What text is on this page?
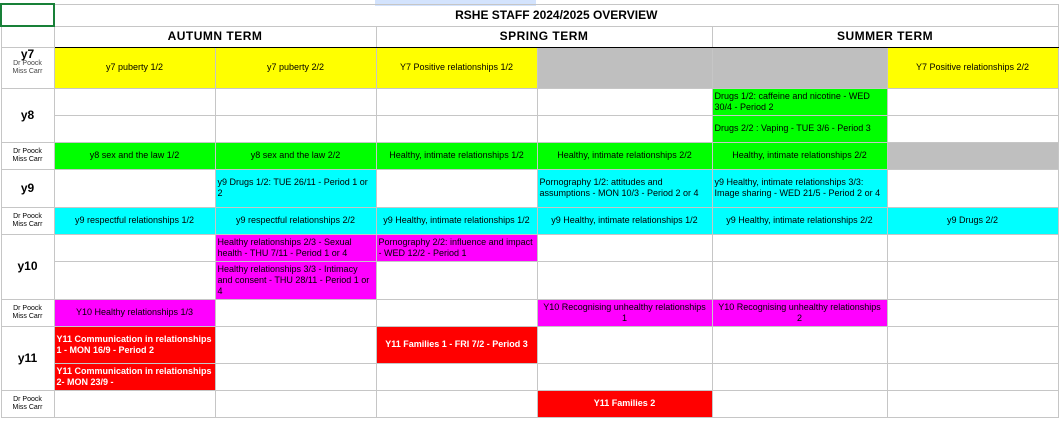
	RSHE STAFF 2024/2025 OVERVIEW					
	AUTUMN TERM		SPRING TERM		SUMMER TERM	

y7
Dr Poock
Miss Carr	y7 puberty 1/2	y7 puberty 2/2	Y7 Positive relationships 1/2			Y7 Positive relationships 2/2
y8					Drugs 1/2: caffeine and nicotine - WED 30/4 - Period 2	
					Drugs 2/2 : Vaping - TUE 3/6 - Period 3	

Dr Poock
Miss Carr	y8 sex and the law 1/2	y8 sex and the law 2/2	Healthy, intimate relationships 1/2	Healthy, intimate relationships 2/2	Healthy, intimate relationships 2/2	
y9		y9 Drugs 1/2: TUE 26/11 - Period 1 or 2		Pornography 1/2: attitudes and assumptions - MON 10/3 - Period 2 or 4	y9 Healthy, intimate relationships 3/3: Image sharing - WED 21/5 - Period 2 or 4	

Dr Poock
Miss Carr	y9 respectful relationships 1/2	y9 respectful relationships 2/2	y9 Healthy, intimate relationships 1/2	y9 Healthy, intimate relationships 1/2	y9 Healthy, intimate relationships 2/2	y9 Drugs 2/2
y10		Healthy relationships 2/3 - Sexual health - THU 7/11 - Period 1 or 4	Pornography 2/2: influence and impact - WED 12/2 - Period 1			
		Healthy relationships 3/3 - Intimacy and consent - THU 28/11 - Period 1 or 4				

Dr Poock
Miss Carr	Y10 Healthy relationships 1/3			Y10 Recognising unhealthy relationships 1	Y10 Recognising unhealthy relationships 2	
y11	Y11 Communication in relationships 1 - MON 16/9 - Period 2		Y11 Families 1 - FRI 7/2 - Period 3			
	Y11 Communication in relationships 2- MON 23/9 -					

Dr Poock
Miss Carr				Y11 Families 2		
